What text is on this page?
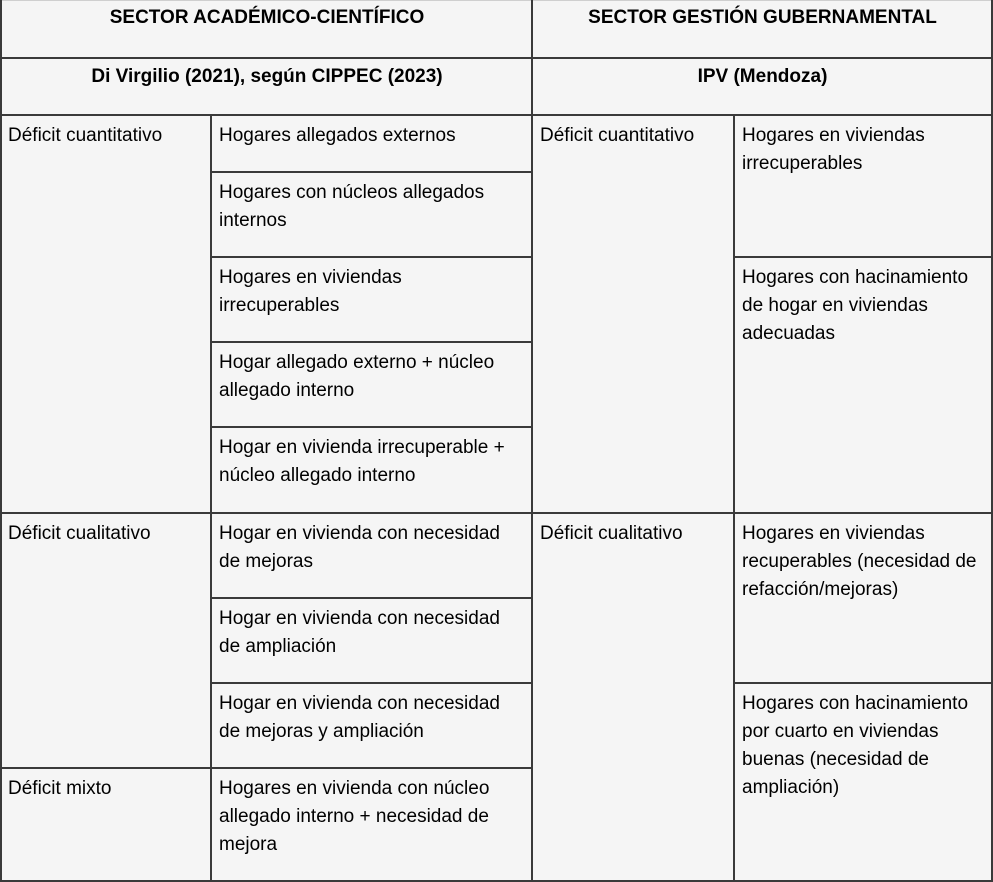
SECTOR ACADÉMICO-CIENTÍFICO	SECTOR GESTIÓN GUBERNAMENTAL
Di Virgilio (2021), según CIPPEC (2023)	IPV (Mendoza)
Déficit cuantitativo
Déficit cualitativo
Déficit mixto
Hogares allegados externos
Hogares con núcleos allegados internos
Hogares en viviendas irrecuperables
Hogar allegado externo + núcleo allegado interno
Hogar en vivienda irrecuperable + núcleo allegado interno
Hogar en vivienda con necesidad de mejoras
Hogar en vivienda con necesidad de ampliación
Hogar en vivienda con necesidad de mejoras y ampliación
Hogares en vivienda con núcleo allegado interno + necesidad de mejora
Déficit cuantitativo
Déficit cualitativo
Hogares en viviendas irrecuperables
Hogares con hacinamiento de hogar en viviendas adecuadas
Hogares en viviendas recuperables (necesidad de refacción/mejoras)
Hogares con hacinamiento por cuarto en viviendas buenas (necesidad de ampliación)
